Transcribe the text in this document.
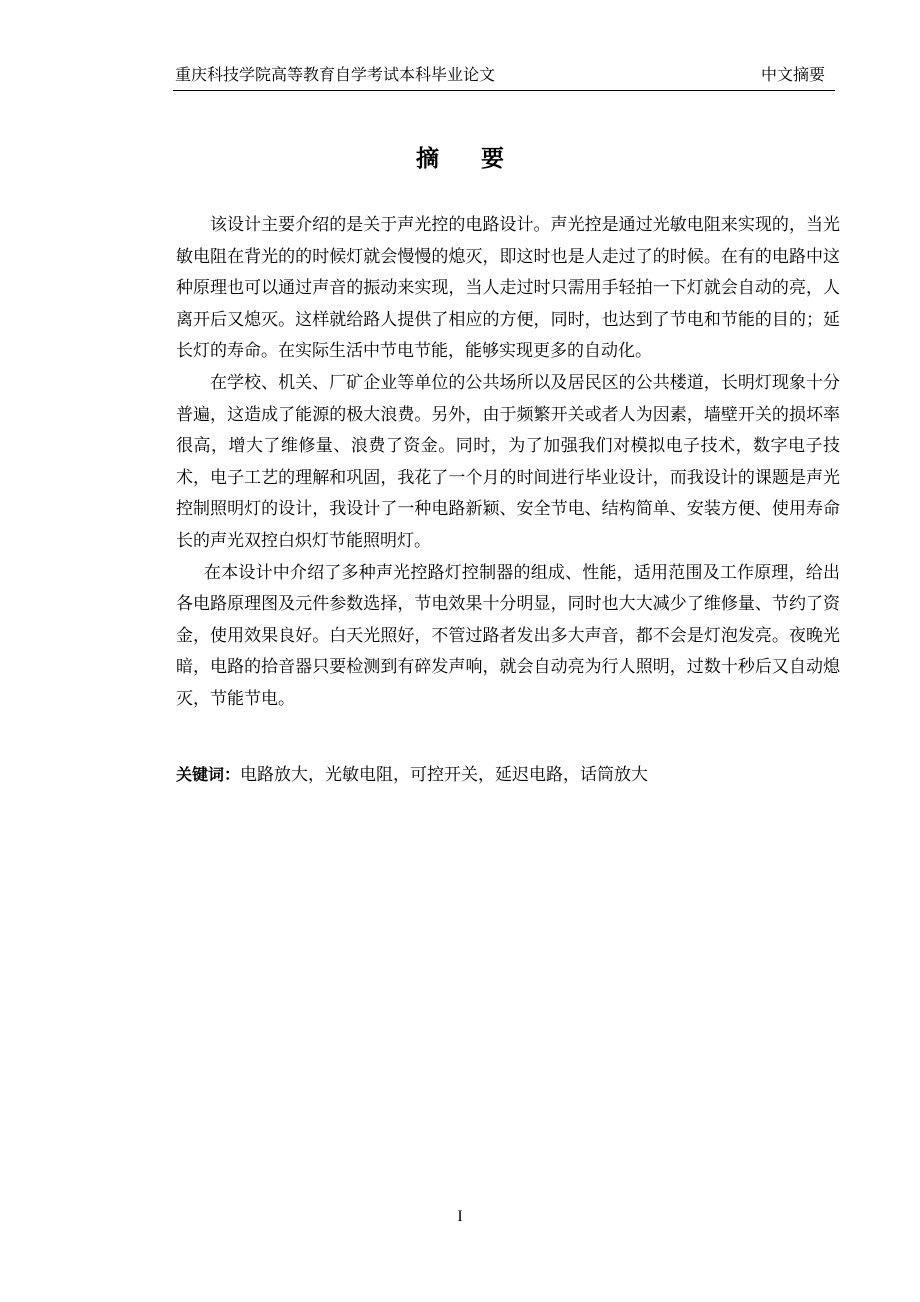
重庆科技学院高等教育自学考试本科毕业论文	中文摘要
摘要

该设计主要介绍的是关于声光控的电路设计。声光控是通过光敏电阻来实现的，当光敏电阻在背光的的时候灯就会慢慢的熄灭，即这时也是人走过了的时候。在有的电路中这种原理也可以通过声音的振动来实现，当人走过时只需用手轻拍一下灯就会自动的亮，人离开后又熄灭。这样就给路人提供了相应的方便，同时，也达到了节电和节能的目的；延长灯的寿命。在实际生活中节电节能，能够实现更多的自动化。

在学校、机关、厂矿企业等单位的公共场所以及居民区的公共楼道，长明灯现象十分普遍，这造成了能源的极大浪费。另外，由于频繁开关或者人为因素，墙壁开关的损坏率很高，增大了维修量、浪费了资金。同时，为了加强我们对模拟电子技术，数字电子技术，电子工艺的理解和巩固，我花了一个月的时间进行毕业设计，而我设计的课题是声光控制照明灯的设计，我设计了一种电路新颖、安全节电、结构简单、安装方便、使用寿命长的声光双控白炽灯节能照明灯。

在本设计中介绍了多种声光控路灯控制器的组成、性能，适用范围及工作原理，给出各电路原理图及元件参数选择，节电效果十分明显，同时也大大减少了维修量、节约了资金，使用效果良好。白天光照好，不管过路者发出多大声音，都不会是灯泡发亮。夜晚光暗，电路的拾音器只要检测到有碎发声响，就会自动亮为行人照明，过数十秒后又自动熄灭，节能节电。

关键词：电路放大，光敏电阻，可控开关，延迟电路，话筒放大
I
